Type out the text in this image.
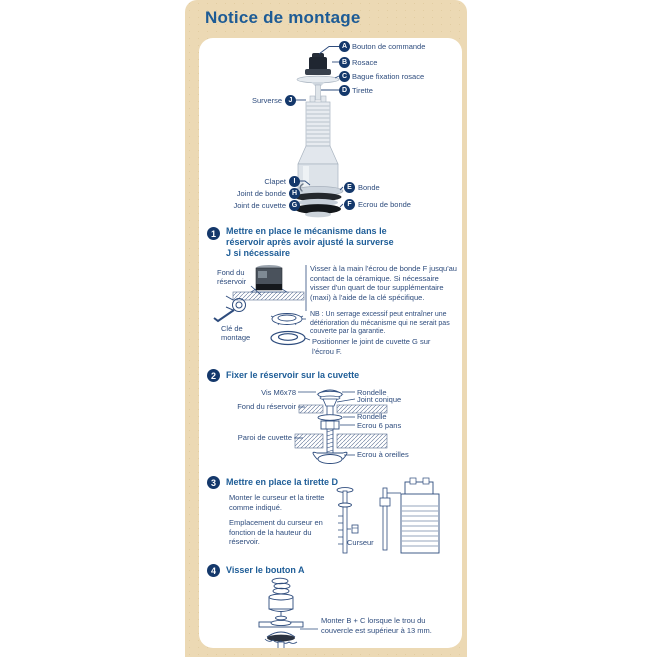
Notice de montage
A Bouton de commande
B Rosace
C Bague fixation rosace
D Tirette
J
Surverse
I
Clapet
H
Joint de bonde
G
Joint de cuvette
E Bonde
F Ecrou de bonde
1	Mettre en place le mécanisme dans le réservoir après avoir ajusté la surverse J si nécessaire
Fond du réservoir
Clé de montage
Visser à la main l'écrou de bonde F jusqu'au contact de la céramique. Si nécessaire visser d'un quart de tour supplémentaire (maxi) à l'aide de la clé spécifique.
NB : Un serrage excessif peut entraîner une détérioration du mécanisme qui ne serait pas couverte par la garantie.
Positionner le joint de cuvette G sur l'écrou F.
2	Fixer le réservoir sur la cuvette
Vis M6x78
Fond du réservoir
Paroi de cuvette
Rondelle
Joint conique
Rondelle
Ecrou 6 pans
Ecrou à oreilles
3	Mettre en place la tirette D
Monter le curseur et la tirette comme indiqué.
Emplacement du curseur en fonction de la hauteur du réservoir.	Curseur
4	Visser le bouton A
Monter B + C lorsque le trou du couvercle est supérieur à 13 mm.
